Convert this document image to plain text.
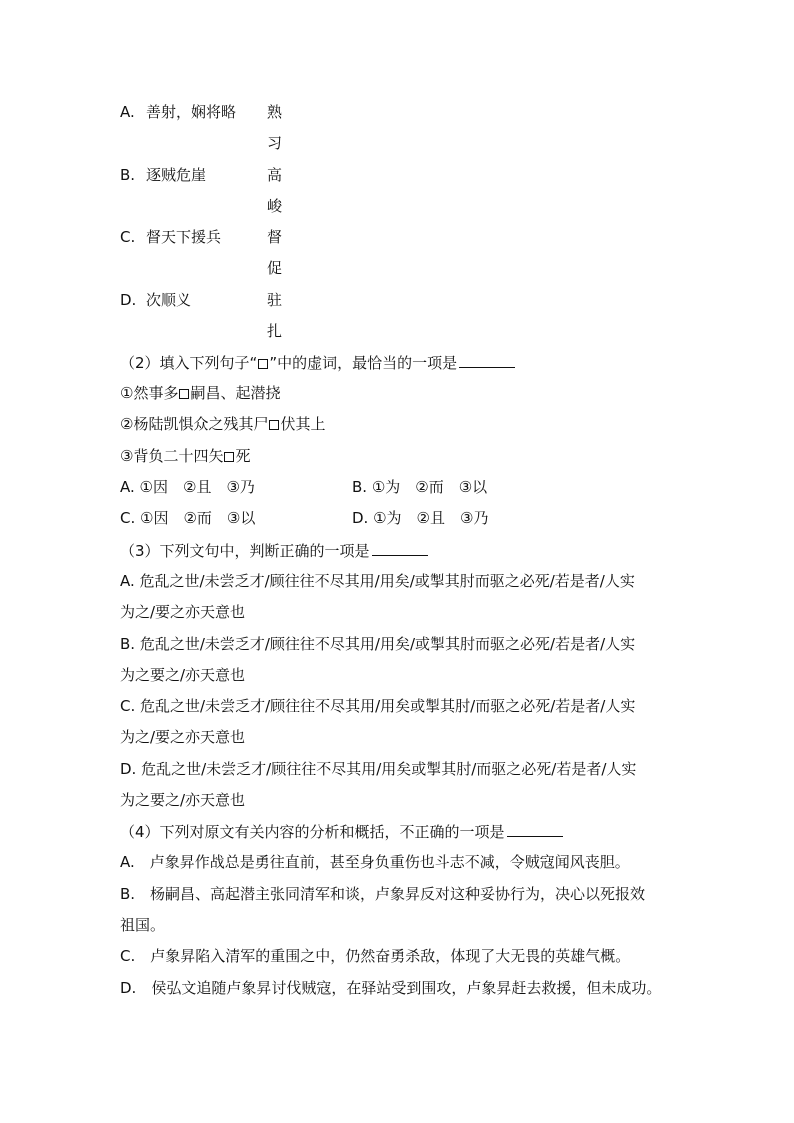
A. 善射，娴将略 熟
习
B. 逐贼危崖	高
峻
C. 督天下援兵	督
促
D. 次顺义	驻
扎
（2）填入下列句子“ ”中的虚词，最恰当的一项是
①然事多 嗣昌、起潜挠
②杨陆凯惧众之残其尸 伏其上
③背负二十四矢 死
A. ①因　②且　③乃	B. ①为　②而　③以
C. ①因　②而　③以	D. ①为　②且　③乃
（3）下列文句中，判断正确的一项是
A. 危乱之世/未尝乏才/顾往往不尽其用/用矣/或掣其肘而驱之必死/若是者/人实
为之/要之亦天意也
B. 危乱之世/未尝乏才/顾往往不尽其用/用矣/或掣其肘而驱之必死/若是者/人实
为之要之/亦天意也
C. 危乱之世/未尝乏才/顾往往不尽其用/用矣或掣其肘/而驱之必死/若是者/人实
为之/要之亦天意也
D. 危乱之世/未尝乏才/顾往往不尽其用/用矣或掣其肘/而驱之必死/若是者/人实
为之要之/亦天意也
（4）下列对原文有关内容的分析和概括，不正确的一项是
A.　卢象昇作战总是勇往直前，甚至身负重伤也斗志不减，令贼寇闻风丧胆。
B.　杨嗣昌、高起潜主张同清军和谈，卢象昇反对这种妥协行为，决心以死报效
祖国。
C.　卢象昇陷入清军的重围之中，仍然奋勇杀敌，体现了大无畏的英雄气概。
D.　侯弘文追随卢象昇讨伐贼寇，在驿站受到围攻，卢象昇赶去救援，但未成功。
